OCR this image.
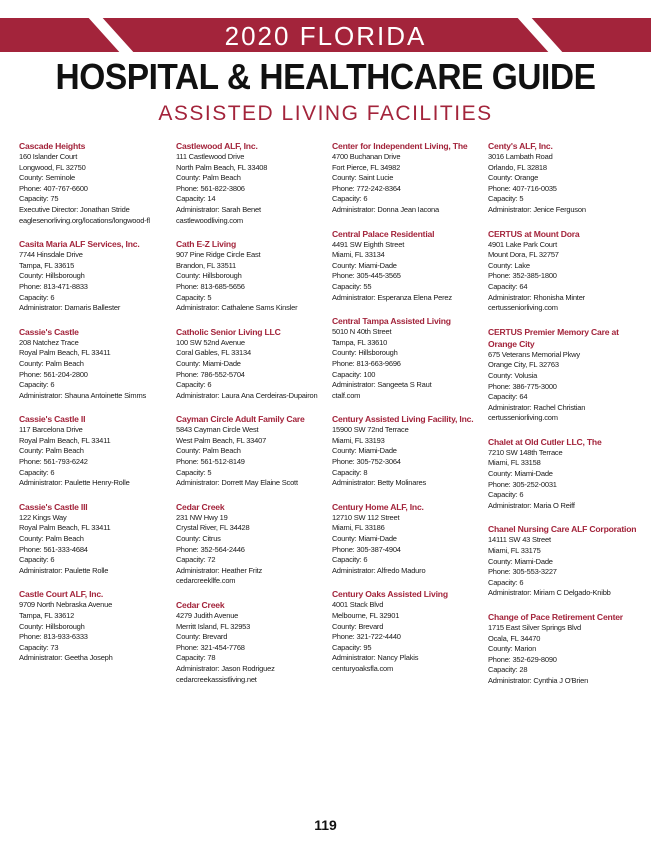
2020 FLORIDA
HOSPITAL & HEALTHCARE GUIDE
ASSISTED LIVING FACILITIES
Cascade Heights
160 Islander Court
Longwood, FL 32750
County: Seminole
Phone: 407-767-6600
Capacity: 75
Executive Director: Jonathan Stride
eaglesenorliving.org/locations/longwood-fl
Casita Maria ALF Services, Inc.
7744 Hinsdale Drive
Tampa, FL 33615
County: Hillsborough
Phone: 813-471-8833
Capacity: 6
Administrator: Damaris Ballester
Cassie's Castle
208 Natchez Trace
Royal Palm Beach, FL 33411
County: Palm Beach
Phone: 561-204-2800
Capacity: 6
Administrator: Shauna Antoinette Simms
Cassie's Castle II
117 Barcelona Drive
Royal Palm Beach, FL 33411
County: Palm Beach
Phone: 561-793-6242
Capacity: 6
Administrator: Paulette Henry-Rolle
Cassie's Castle III
122 Kings Way
Royal Palm Beach, FL 33411
County: Palm Beach
Phone: 561-333-4684
Capacity: 6
Administrator: Paulette Rolle
Castle Court ALF, Inc.
9709 North Nebraska Avenue
Tampa, FL 33612
County: Hillsborough
Phone: 813-933-6333
Capacity: 73
Administrator: Geetha Joseph
Castlewood ALF, Inc.
111 Castlewood Drive
North Palm Beach, FL 33408
County: Palm Beach
Phone: 561-822-3806
Capacity: 14
Administrator: Sarah Benet
castlewoodliving.com
Cath E-Z Living
907 Pine Ridge Circle East
Brandon, FL 33511
County: Hillsborough
Phone: 813-685-5656
Capacity: 5
Administrator: Cathalene Sams Kinsler
Catholic Senior Living LLC
100 SW 52nd Avenue
Coral Gables, FL 33134
County: Miami-Dade
Phone: 786-552-5704
Capacity: 6
Administrator: Laura Ana Cerdeiras-Dupairon
Cayman Circle Adult Family Care
5843 Cayman Circle West
West Palm Beach, FL 33407
County: Palm Beach
Phone: 561-512-8149
Capacity: 5
Administrator: Dorrett May Elaine Scott
Cedar Creek
231 NW Hwy 19
Crystal River, FL 34428
County: Citrus
Phone: 352-564-2446
Capacity: 72
Administrator: Heather Fritz
cedarcreekllfe.com
Cedar Creek
4279 Judith Avenue
Merritt Island, FL 32953
County: Brevard
Phone: 321-454-7768
Capacity: 78
Administrator: Jason Rodriguez
cedarcreekassistliving.net
Center for Independent Living, The
4700 Buchanan Drive
Fort Pierce, FL 34982
County: Saint Lucie
Phone: 772-242-8364
Capacity: 6
Administrator: Donna Jean Iacona
Central Palace Residential
4491 SW Eighth Street
Miami, FL 33134
County: Miami-Dade
Phone: 305-445-3565
Capacity: 55
Administrator: Esperanza Elena Perez
Central Tampa Assisted Living
5010 N 40th Street
Tampa, FL 33610
County: Hillsborough
Phone: 813-663-9696
Capacity: 100
Administrator: Sangeeta S Raut
ctalf.com
Century Assisted Living Facility, Inc.
15900 SW 72nd Terrace
Miami, FL 33193
County: Miami-Dade
Phone: 305-752-3064
Capacity: 8
Administrator: Betty Molinares
Century Home ALF, Inc.
12710 SW 112 Street
Miami, FL 33186
County: Miami-Dade
Phone: 305-387-4904
Capacity: 6
Administrator: Alfredo Maduro
Century Oaks Assisted Living
4001 Stack Blvd
Melbourne, FL 32901
County: Brevard
Phone: 321-722-4440
Capacity: 95
Administrator: Nancy Plakis
centuryoaksfla.com
Centy's ALF, Inc.
3016 Lambath Road
Orlando, FL 32818
County: Orange
Phone: 407-716-0035
Capacity: 5
Administrator: Jenice Ferguson
CERTUS at Mount Dora
4901 Lake Park Court
Mount Dora, FL 32757
County: Lake
Phone: 352-385-1800
Capacity: 64
Administrator: Rhonisha Minter
certusseniorliving.com
CERTUS Premier Memory Care at Orange City
675 Veterans Memorial Pkwy
Orange City, FL 32763
County: Volusia
Phone: 386-775-3000
Capacity: 64
Administrator: Rachel Christian
certusseniorliving.com
Chalet at Old Cutler LLC, The
7210 SW 148th Terrace
Miami, FL 33158
County: Miami-Dade
Phone: 305-252-0031
Capacity: 6
Administrator: Maria O Reiff
Chanel Nursing Care ALF Corporation
14111 SW 43 Street
Miami, FL 33175
County: Miami-Dade
Phone: 305-553-3227
Capacity: 6
Administrator: Miriam C Delgado-Knibb
Change of Pace Retirement Center
1715 East Silver Springs Blvd
Ocala, FL 34470
County: Marion
Phone: 352-629-8090
Capacity: 28
Administrator: Cynthia J O'Brien
119
